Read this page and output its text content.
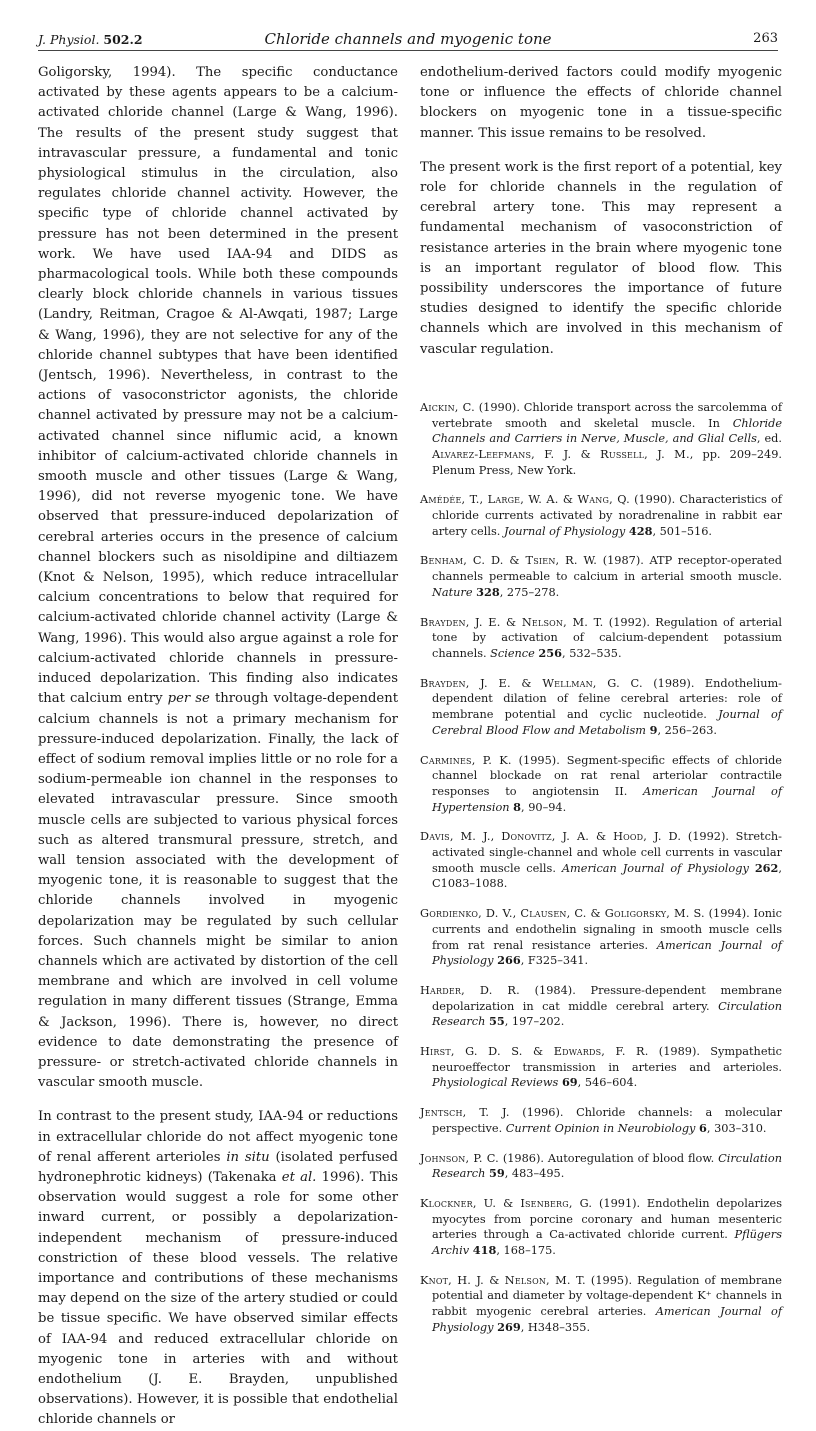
J. Physiol. 502.2	Chloride channels and myogenic tone	263

Goligorsky, 1994). The specific conductance activated by these agents appears to be a calcium-activated chloride channel (Large & Wang, 1996). The results of the present study suggest that intravascular pressure, a fundamental and tonic physiological stimulus in the circulation, also regulates chloride channel activity. However, the specific type of chloride channel activated by pressure has not been determined in the present work. We have used IAA-94 and DIDS as pharmacological tools. While both these compounds clearly block chloride channels in various tissues (Landry, Reitman, Cragoe & Al-Awqati, 1987; Large & Wang, 1996), they are not selective for any of the chloride channel subtypes that have been identified (Jentsch, 1996). Nevertheless, in contrast to the actions of vasoconstrictor agonists, the chloride channel activated by pressure may not be a calcium-activated channel since niflumic acid, a known inhibitor of calcium-activated chloride channels in smooth muscle and other tissues (Large & Wang, 1996), did not reverse myogenic tone. We have observed that pressure-induced depolarization of cerebral arteries occurs in the presence of calcium channel blockers such as nisoldipine and diltiazem (Knot & Nelson, 1995), which reduce intracellular calcium concentrations to below that required for calcium-activated chloride channel activity (Large & Wang, 1996). This would also argue against a role for calcium-activated chloride channels in pressure-induced depolarization. This finding also indicates that calcium entry per se through voltage-dependent calcium channels is not a primary mechanism for pressure-induced depolarization. Finally, the lack of effect of sodium removal implies little or no role for a sodium-permeable ion channel in the responses to elevated intravascular pressure. Since smooth muscle cells are subjected to various physical forces such as altered transmural pressure, stretch, and wall tension associated with the development of myogenic tone, it is reasonable to suggest that the chloride channels involved in myogenic depolarization may be regulated by such cellular forces. Such channels might be similar to anion channels which are activated by distortion of the cell membrane and which are involved in cell volume regulation in many different tissues (Strange, Emma & Jackson, 1996). There is, however, no direct evidence to date demonstrating the presence of pressure- or stretch-activated chloride channels in vascular smooth muscle.

In contrast to the present study, IAA-94 or reductions in extracellular chloride do not affect myogenic tone of renal afferent arterioles in situ (isolated perfused hydronephrotic kidneys) (Takenaka et al. 1996). This observation would suggest a role for some other inward current, or possibly a depolarization-independent mechanism of pressure-induced constriction of these blood vessels. The relative importance and contributions of these mechanisms may depend on the size of the artery studied or could be tissue specific. We have observed similar effects of IAA-94 and reduced extracellular chloride on myogenic tone in arteries with and without endothelium (J. E. Brayden, unpublished observations). However, it is possible that endothelial chloride channels or

endothelium-derived factors could modify myogenic tone or influence the effects of chloride channel blockers on myogenic tone in a tissue-specific manner. This issue remains to be resolved.

The present work is the first report of a potential, key role for chloride channels in the regulation of cerebral artery tone. This may represent a fundamental mechanism of vasoconstriction of resistance arteries in the brain where myogenic tone is an important regulator of blood flow. This possibility underscores the importance of future studies designed to identify the specific chloride channels which are involved in this mechanism of vascular regulation.

Aickin, C. (1990). Chloride transport across the sarcolemma of vertebrate smooth and skeletal muscle. In Chloride Channels and Carriers in Nerve, Muscle, and Glial Cells, ed. Alvarez-Leefmans, F. J. & Russell, J. M., pp. 209–249. Plenum Press, New York.

Amédée, T., Large, W. A. & Wang, Q. (1990). Characteristics of chloride currents activated by noradrenaline in rabbit ear artery cells. Journal of Physiology 428, 501–516.

Benham, C. D. & Tsien, R. W. (1987). ATP receptor-operated channels permeable to calcium in arterial smooth muscle. Nature 328, 275–278.

Brayden, J. E. & Nelson, M. T. (1992). Regulation of arterial tone by activation of calcium-dependent potassium channels. Science 256, 532–535.

Brayden, J. E. & Wellman, G. C. (1989). Endothelium-dependent dilation of feline cerebral arteries: role of membrane potential and cyclic nucleotide. Journal of Cerebral Blood Flow and Metabolism 9, 256–263.

Carmines, P. K. (1995). Segment-specific effects of chloride channel blockade on rat renal arteriolar contractile responses to angiotensin II. American Journal of Hypertension 8, 90–94.

Davis, M. J., Donovitz, J. A. & Hood, J. D. (1992). Stretch-activated single-channel and whole cell currents in vascular smooth muscle cells. American Journal of Physiology 262, C1083–1088.

Gordienko, D. V., Clausen, C. & Goligorsky, M. S. (1994). Ionic currents and endothelin signaling in smooth muscle cells from rat renal resistance arteries. American Journal of Physiology 266, F325–341.

Harder, D. R. (1984). Pressure-dependent membrane depolarization in cat middle cerebral artery. Circulation Research 55, 197–202.

Hirst, G. D. S. & Edwards, F. R. (1989). Sympathetic neuroeffector transmission in arteries and arterioles. Physiological Reviews 69, 546–604.

Jentsch, T. J. (1996). Chloride channels: a molecular perspective. Current Opinion in Neurobiology 6, 303–310.

Johnson, P. C. (1986). Autoregulation of blood flow. Circulation Research 59, 483–495.

Klockner, U. & Isenberg, G. (1991). Endothelin depolarizes myocytes from porcine coronary and human mesenteric arteries through a Ca-activated chloride current. Pflügers Archiv 418, 168–175.

Knot, H. J. & Nelson, M. T. (1995). Regulation of membrane potential and diameter by voltage-dependent K⁺ channels in rabbit myogenic cerebral arteries. American Journal of Physiology 269, H348–355.
